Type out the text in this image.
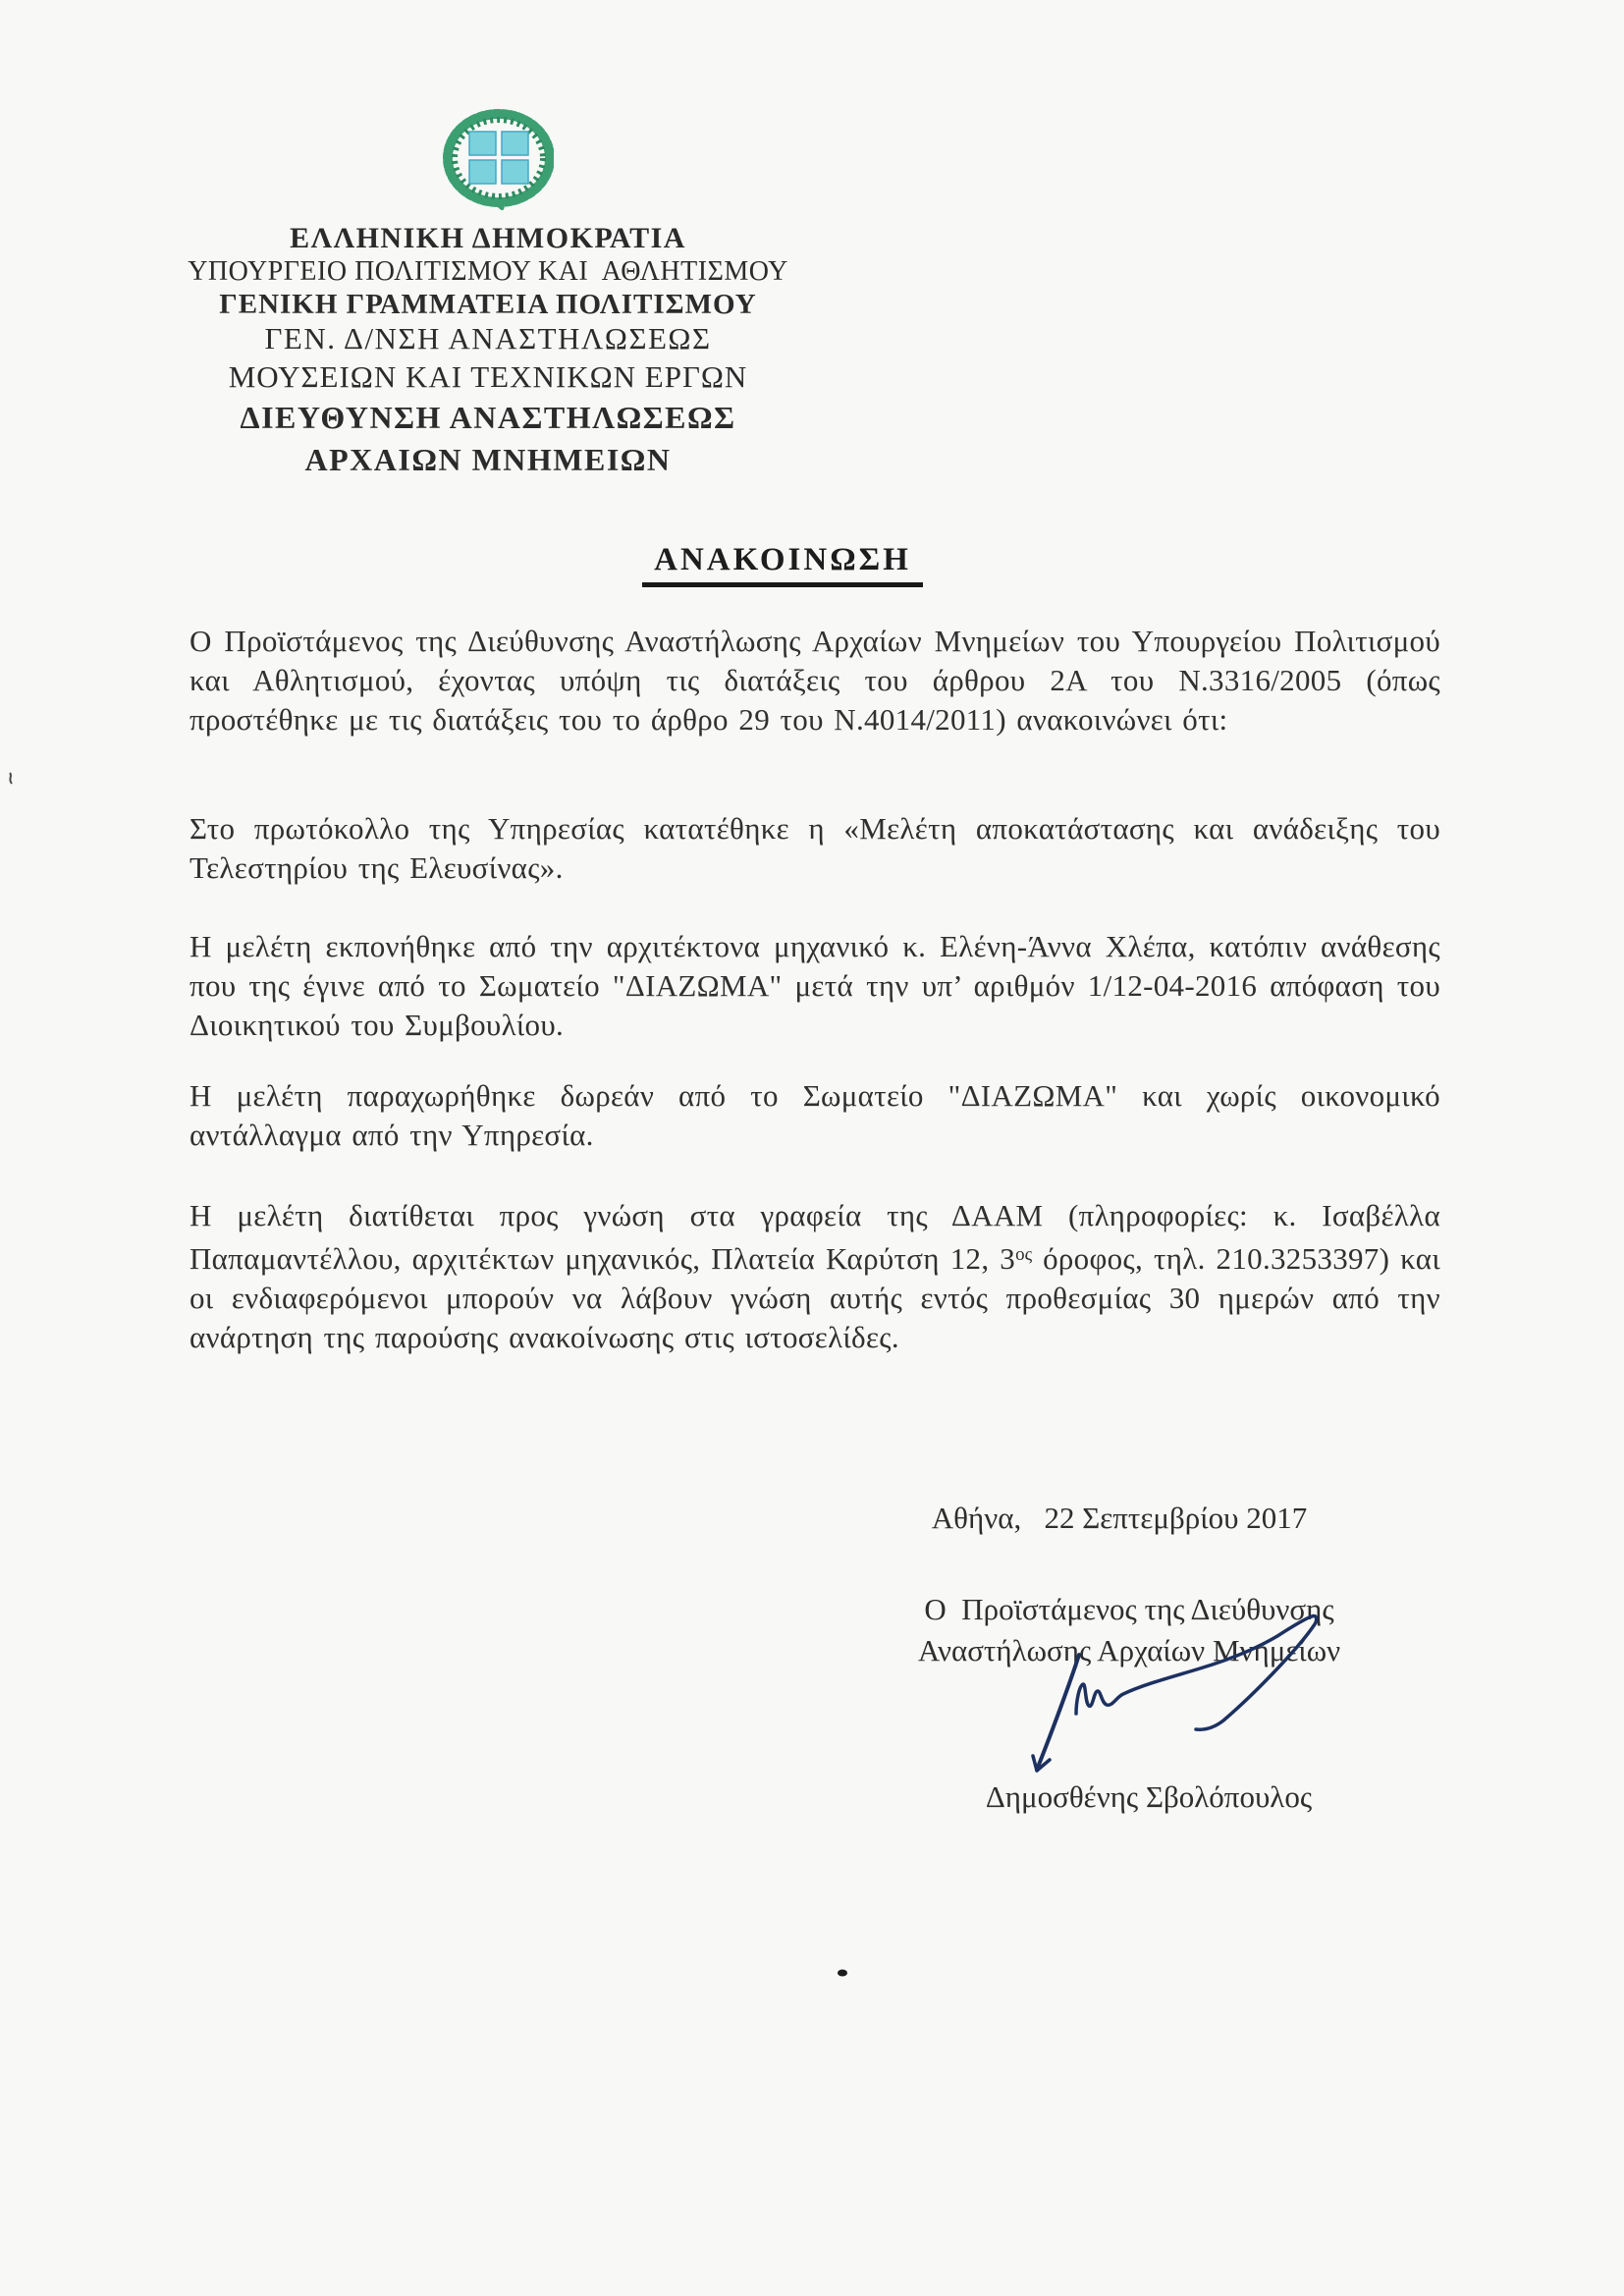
ΕΛΛΗΝΙΚΗ ΔΗΜΟΚΡΑΤΙΑ
ΥΠΟΥΡΓΕΙΟ ΠΟΛΙΤΙΣΜΟΥ ΚΑΙ  ΑΘΛΗΤΙΣΜΟΥ
ΓΕΝΙΚΗ ΓΡΑΜΜΑΤΕΙΑ ΠΟΛΙΤΙΣΜΟΥ
ΓΕΝ. Δ/ΝΣΗ ΑΝΑΣΤΗΛΩΣΕΩΣ
ΜΟΥΣΕΙΩΝ ΚΑΙ ΤΕΧΝΙΚΩΝ ΕΡΓΩΝ
ΔΙΕΥΘΥΝΣΗ ΑΝΑΣΤΗΛΩΣΕΩΣ
ΑΡΧΑΙΩΝ ΜΝΗΜΕΙΩΝ
ΑΝΑΚΟΙΝΩΣΗ

Ο Προϊστάμενος της Διεύθυνσης Αναστήλωσης Αρχαίων Μνημείων του Υπουργείου Πολιτισμού και Αθλητισμού, έχοντας υπόψη τις διατάξεις του άρθρου 2Α του Ν.3316/2005 (όπως προστέθηκε με τις διατάξεις του το άρθρο 29 του Ν.4014/2011) ανακοινώνει ότι:

Στο πρωτόκολλο της Υπηρεσίας κατατέθηκε η «Μελέτη αποκατάστασης και ανάδειξης του Τελεστηρίου της Ελευσίνας».

Η μελέτη εκπονήθηκε από την αρχιτέκτονα μηχανικό κ. Ελένη-Άννα Χλέπα, κατόπιν ανάθεσης που της έγινε από το Σωματείο "ΔΙΑΖΩΜΑ" μετά την υπ’ αριθμόν 1/12-04-2016 απόφαση του Διοικητικού του Συμβουλίου.

Η μελέτη παραχωρήθηκε δωρεάν από το Σωματείο "ΔΙΑΖΩΜΑ" και χωρίς οικονομικό αντάλλαγμα από την Υπηρεσία.

Η μελέτη διατίθεται προς γνώση στα γραφεία της ΔΑΑΜ (πληροφορίες: κ. Ισαβέλλα Παπαμαντέλλου, αρχιτέκτων μηχανικός, Πλατεία Καρύτση 12, $3^{o\varsigma}$ όροφος, τηλ. 210.3253397) και οι ενδιαφερόμενοι μπορούν να λάβουν γνώση αυτής εντός προθεσμίας 30 ημερών από την ανάρτηση της παρούσης ανακοίνωσης στις ιστοσελίδες.

Αθήνα,   22 Σεπτεμβρίου 2017
Ο  Προϊστάμενος της Διεύθυνσης
Αναστήλωσης Αρχαίων Μνημείων
Δημοσθένης Σβολόπουλος
